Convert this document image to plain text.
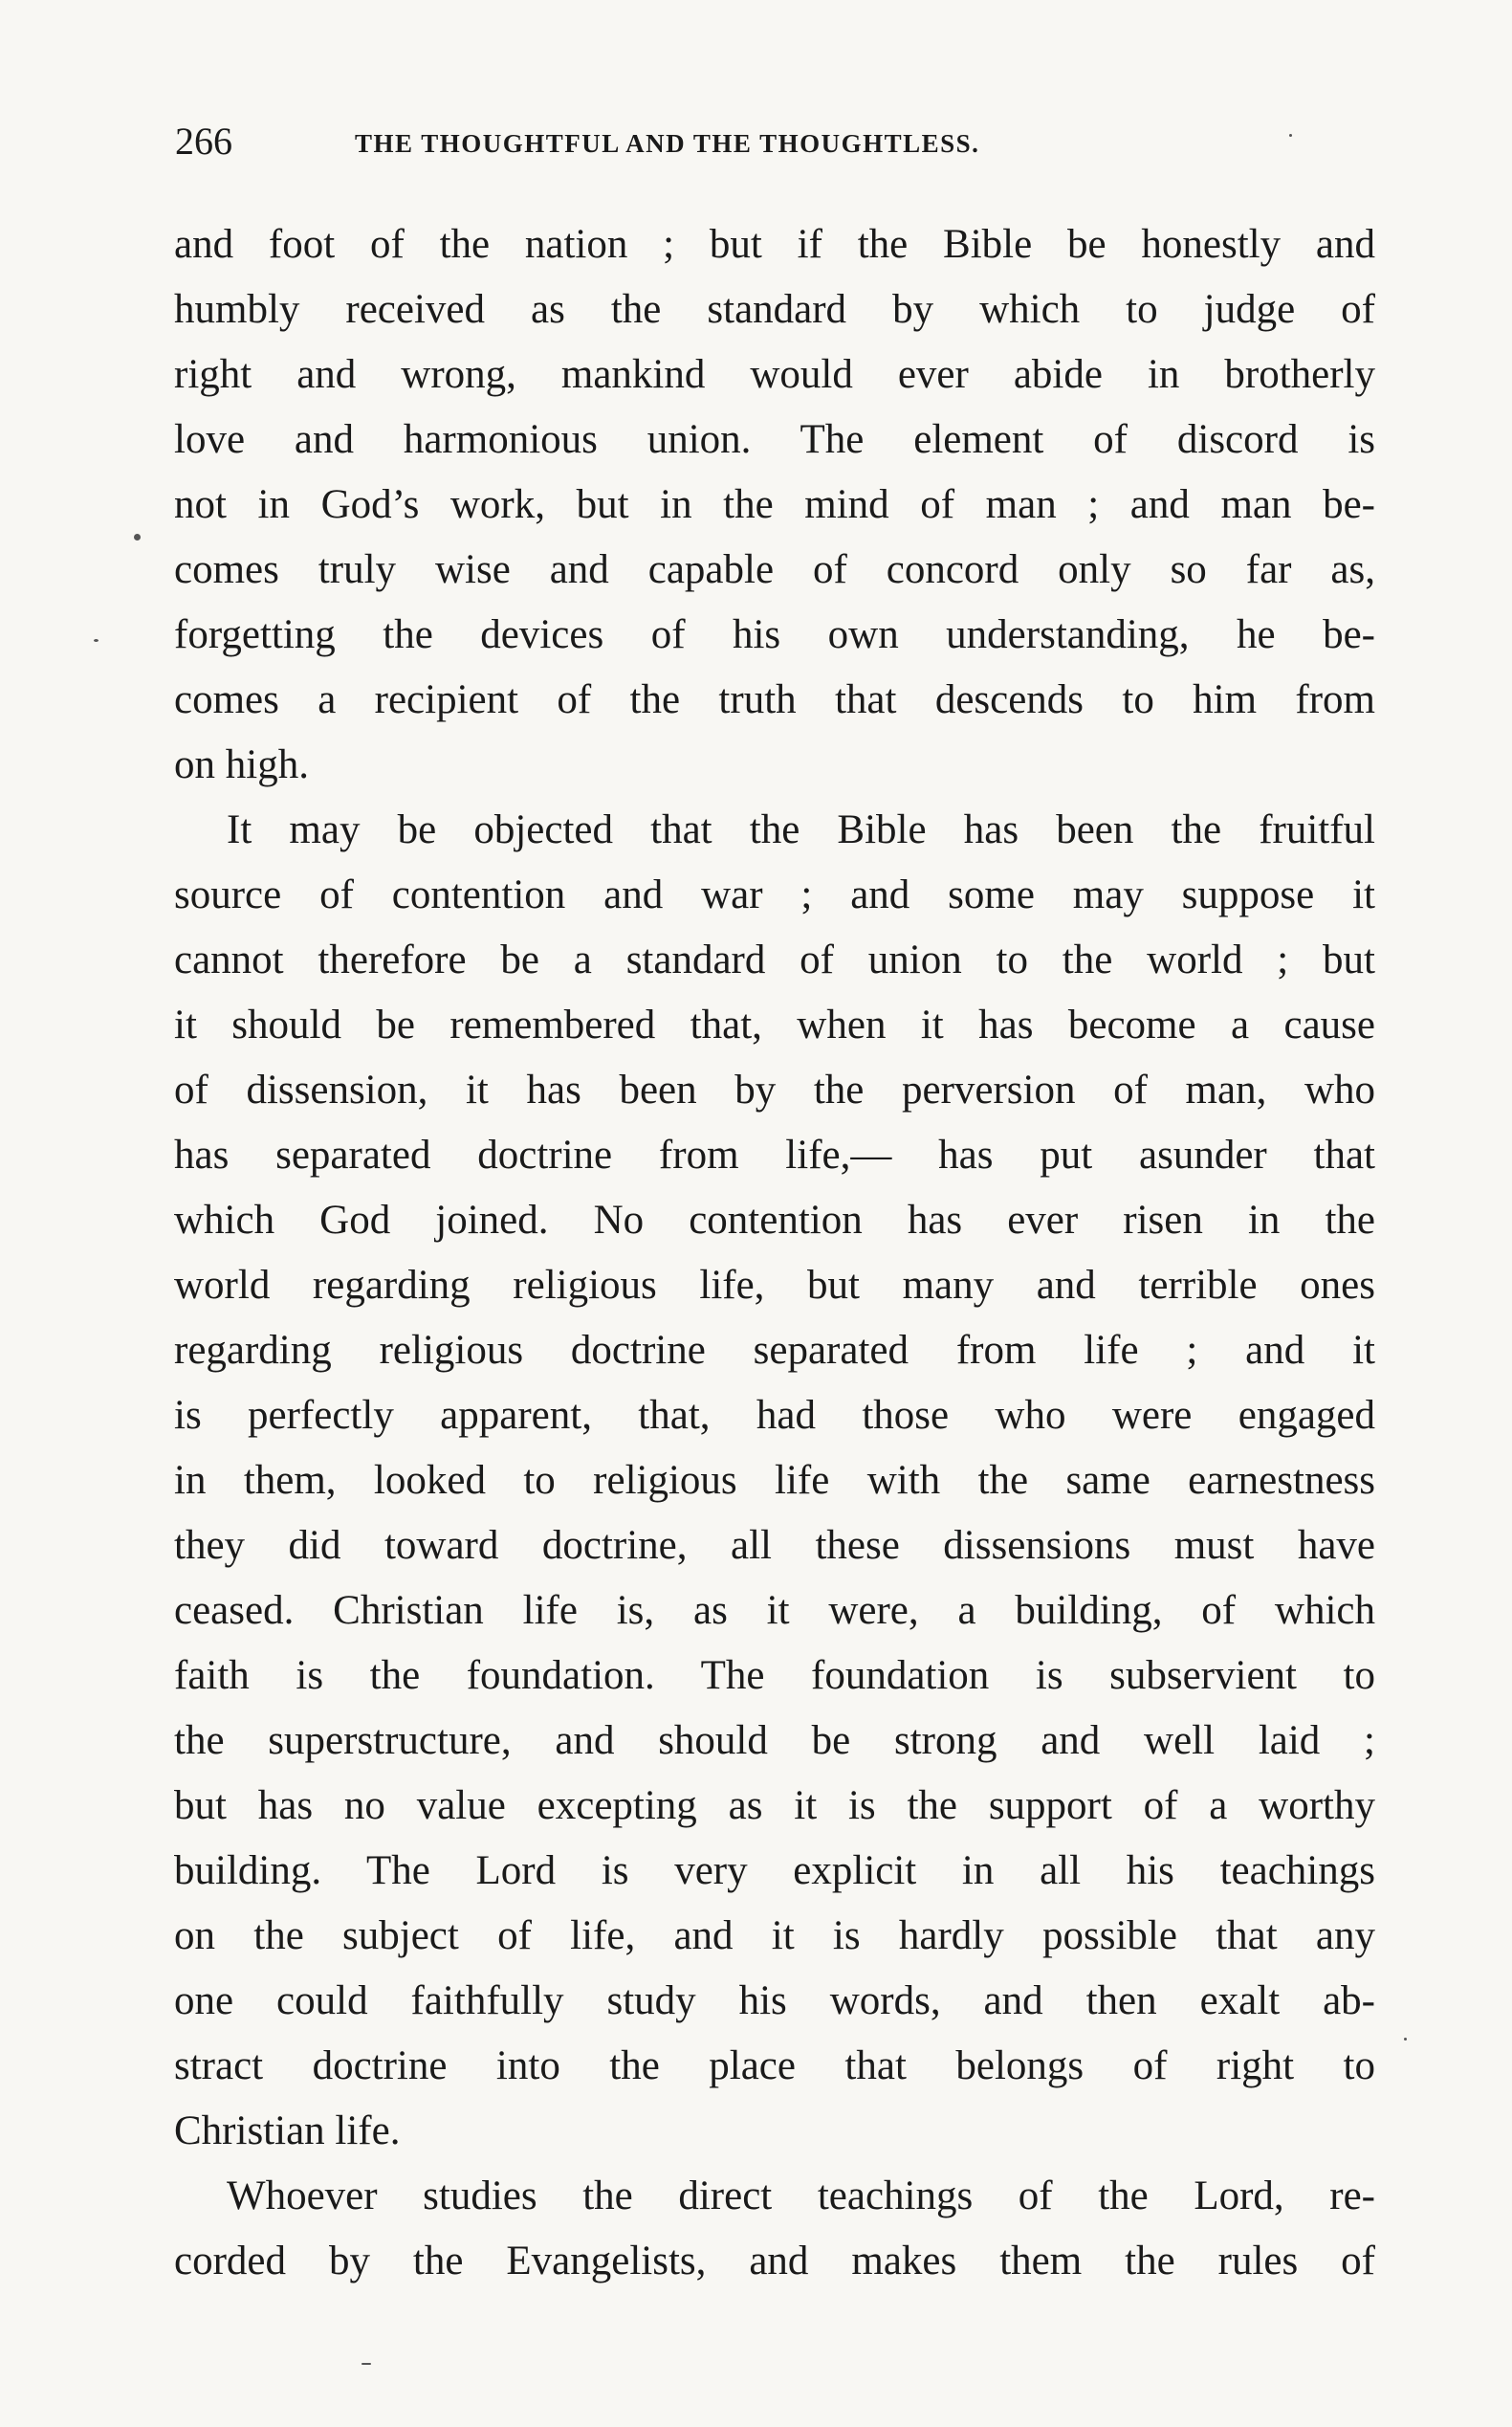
266	THE THOUGHTFUL AND THE THOUGHTLESS.
and foot of the nation ; but if the Bible be honestly and
humbly received as the standard by which to judge of
right and wrong, mankind would ever abide in brotherly
love and harmonious union. The element of discord is
not in God’s work, but in the mind of man ; and man be-
comes truly wise and capable of concord only so far as,
forgetting the devices of his own understanding, he be-
comes a recipient of the truth that descends to him from
on high.
It may be objected that the Bible has been the fruitful
source of contention and war ; and some may suppose it
cannot therefore be a standard of union to the world ; but
it should be remembered that, when it has become a cause
of dissension, it has been by the perversion of man, who
has separated doctrine from life,— has put asunder that
which God joined. No contention has ever risen in the
world regarding religious life, but many and terrible ones
regarding religious doctrine separated from life ; and it
is perfectly apparent, that, had those who were engaged
in them, looked to religious life with the same earnestness
they did toward doctrine, all these dissensions must have
ceased. Christian life is, as it were, a building, of which
faith is the foundation. The foundation is subservient to
the superstructure, and should be strong and well laid ;
but has no value excepting as it is the support of a worthy
building. The Lord is very explicit in all his teachings
on the subject of life, and it is hardly possible that any
one could faithfully study his words, and then exalt ab-
stract doctrine into the place that belongs of right to
Christian life.
Whoever studies the direct teachings of the Lord, re-
corded by the Evangelists, and makes them the rules of
